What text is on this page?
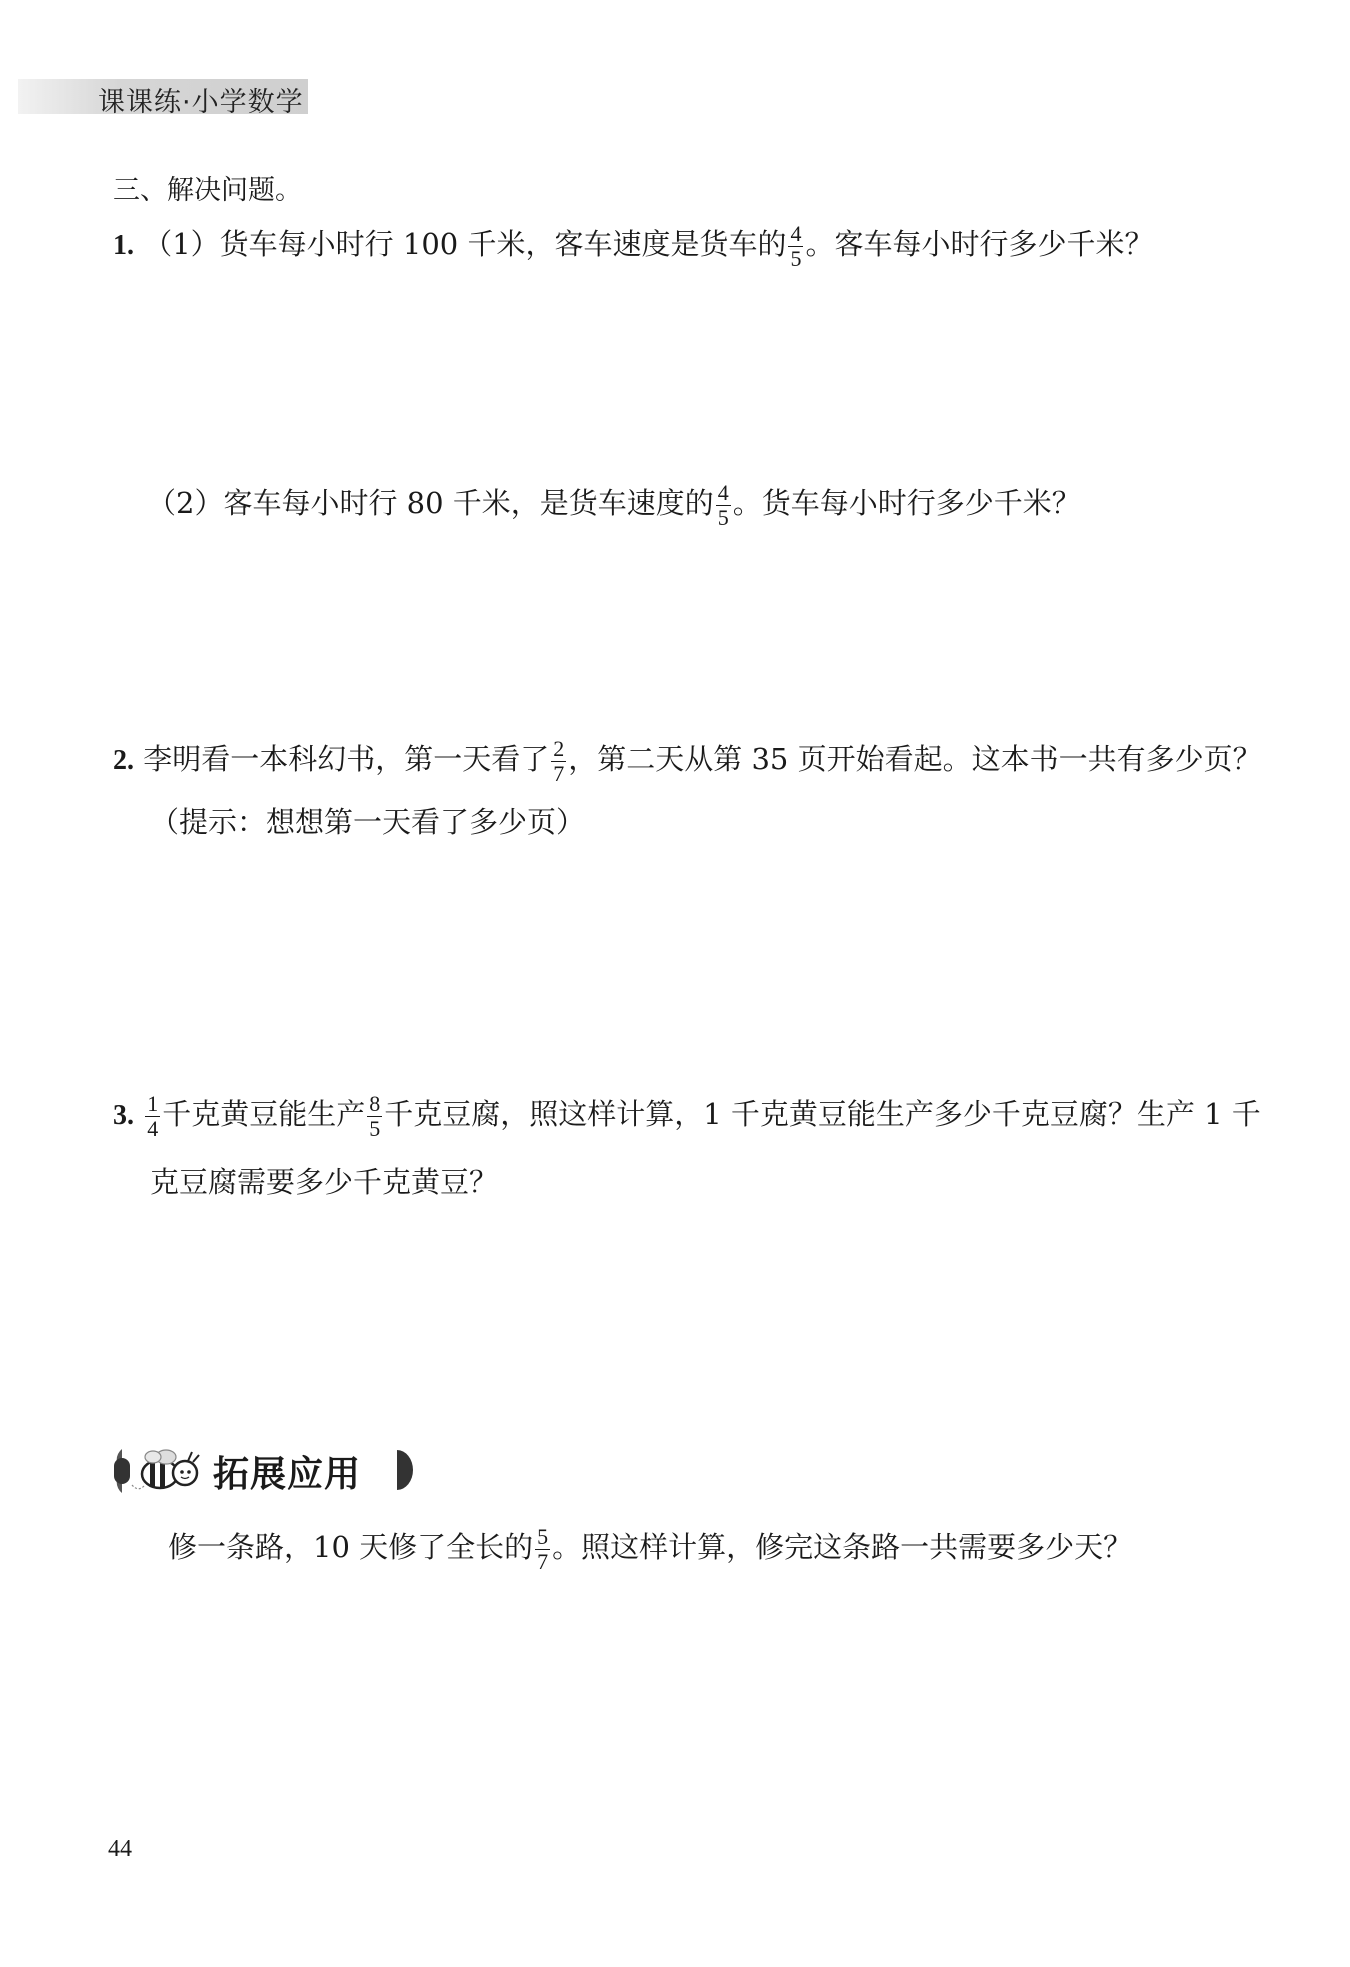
课课练·小学数学
三、解决问题。
1. （1）货车每小时行 100 千米，客车速度是货车的 $\frac{4}{5}$ 。客车每小时行多少千米？
（2）客车每小时行 80 千米，是货车速度的 $\frac{4}{5}$ 。货车每小时行多少千米？
2. 李明看一本科幻书，第一天看了 $\frac{2}{7}$ ，第二天从第 35 页开始看起。这本书一共有多少页？
（提示：想想第一天看了多少页）
3. $\frac{1}{4}$ 千克黄豆能生产 $\frac{8}{5}$ 千克豆腐，照这样计算，1 千克黄豆能生产多少千克豆腐？生产 1 千
克豆腐需要多少千克黄豆？
拓展应用
修一条路，10 天修了全长的 $\frac{5}{7}$ 。照这样计算，修完这条路一共需要多少天？
44
